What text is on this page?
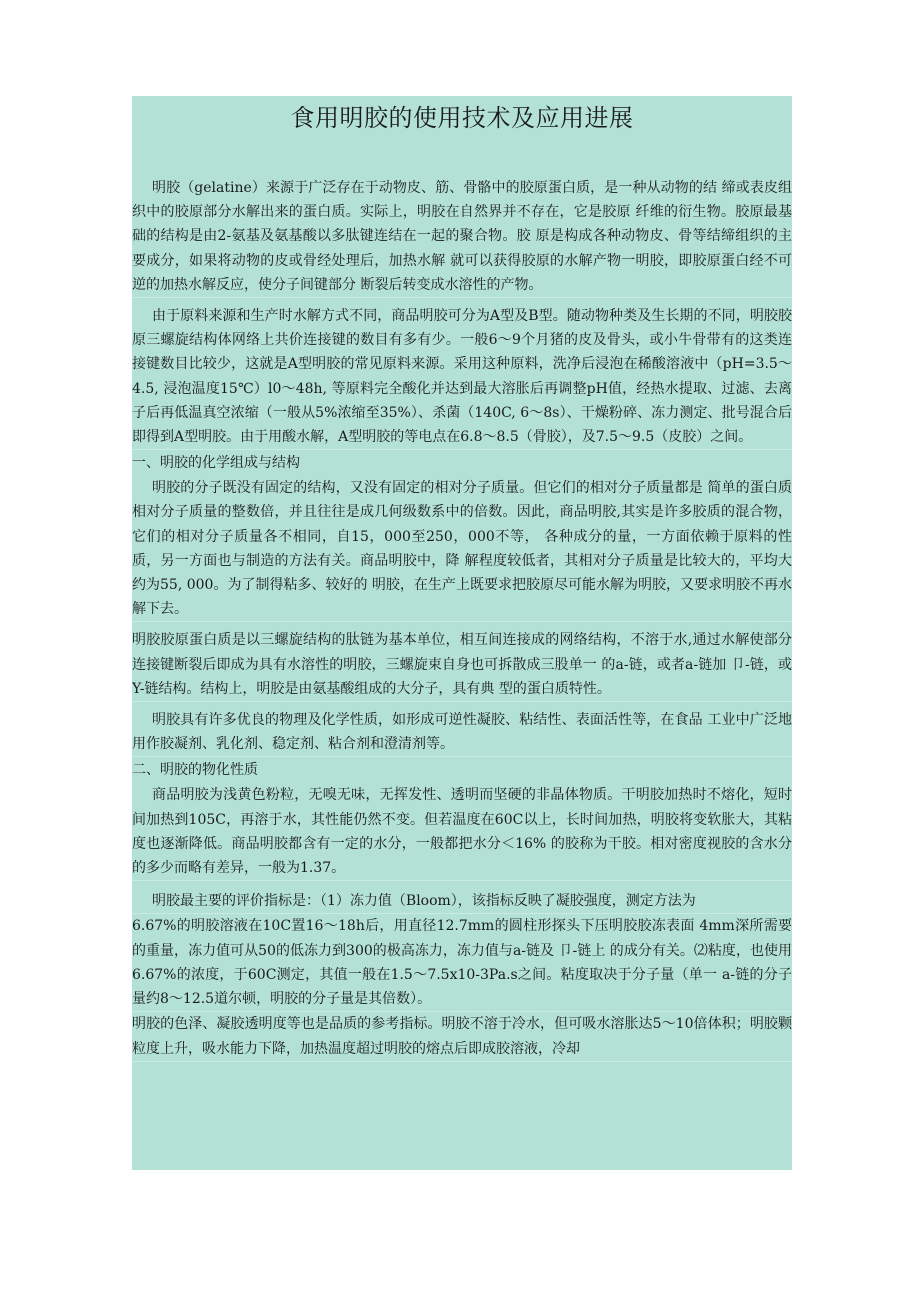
食用明胶的使用技术及应用进展

明胶（gelatine）来源于广泛存在于动物皮、筋、骨骼中的胶原蛋白质，是一种从动物的结 缔或表皮组织中的胶原部分水解出来的蛋白质。实际上，明胶在自然界并不存在，它是胶原 纤维的衍生物。胶原最基础的结构是由2-氨基及氨基酸以多肽键连结在一起的聚合物。胶 原是构成各种动物皮、骨等结缔组织的主要成分，如果将动物的皮或骨经处理后，加热水解 就可以获得胶原的水解产物一明胶，即胶原蛋白经不可逆的加热水解反应，使分子间键部分 断裂后转变成水溶性的产物。

由于原料来源和生产时水解方式不同，商品明胶可分为A型及B型。随动物种类及生长期的不同，明胶胶原三螺旋结构体网络上共价连接键的数目有多有少。一般6～9个月猪的皮及骨头，或小牛骨带有的这类连接键数目比较少，这就是A型明胶的常见原料来源。采用这种原料，洗净后浸泡在稀酸溶液中（pH=3.5～4.5, 浸泡温度15℃）l0～48h, 等原料完全酸化并达到最大溶胀后再调整pH值，经热水提取、过滤、去离子后再低温真空浓缩（一般从5%浓缩至35%）、杀菌（140C, 6～8s）、干燥粉碎、冻力测定、批号混合后即得到A型明胶。由于用酸水解，A型明胶的等电点在6.8～8.5（骨胶），及7.5～9.5（皮胶）之间。

一、明胶的化学组成与结构

明胶的分子既没有固定的结构，又没有固定的相对分子质量。但它们的相对分子质量都是 简单的蛋白质相对分子质量的整数倍，并且往往是成几何级数系中的倍数。因此，商品明胶,其实是许多胶质的混合物，它们的相对分子质量各不相同，自15，000至250，000不等， 各种成分的量，一方面依赖于原料的性质，另一方面也与制造的方法有关。商品明胶中，降 解程度较低者，其相对分子质量是比较大的，平均大约为55, 000。为了制得粘多、较好的 明胶，在生产上既要求把胶原尽可能水解为明胶，又要求明胶不再水解下去。

明胶胶原蛋白质是以三螺旋结构的肽链为基本单位，相互间连接成的网络结构，不溶于水,通过水解使部分连接键断裂后即成为具有水溶性的明胶，三螺旋束自身也可拆散成三股单一 的a-链，或者a-链加 卩-链，或Y-链结构。结构上，明胶是由氨基酸组成的大分子，具有典 型的蛋白质特性。

明胶具有许多优良的物理及化学性质，如形成可逆性凝胶、粘结性、表面活性等，在食品 工业中广泛地用作胶凝剂、乳化剂、稳定剂、粘合剂和澄清剂等。

二、明胶的物化性质

商品明胶为浅黄色粉粒，无嗅无味，无挥发性、透明而坚硬的非晶体物质。干明胶加热时不熔化，短时间加热到105C，再溶于水，其性能仍然不变。但若温度在60C以上，长时间加热，明胶将变软胀大，其粘度也逐渐降低。商品明胶都含有一定的水分，一般都把水分＜16% 的胶称为干胶。相对密度视胶的含水分的多少而略有差异，一般为1.37。

明胶最主要的评价指标是：（1）冻力值（Bloom），该指标反映了凝胶强度，测定方法为

6.67%的明胶溶液在10C置16～18h后，用直径12.7mm的圆柱形探头下压明胶胶冻表面 4mm深所需要的重量，冻力值可从50的低冻力到300的极高冻力，冻力值与a-链及 卩-链上 的成分有关。⑵粘度，也使用6.67%的浓度，于60C测定，其值一般在1.5～7.5x10-3Pa.s之间。粘度取决于分子量（单一 a-链的分子量约8～12.5道尔顿，明胶的分子量是其倍数）。

明胶的色泽、凝胶透明度等也是品质的参考指标。明胶不溶于冷水，但可吸水溶胀达5～10倍体积；明胶颗粒度上升，吸水能力下降，加热温度超过明胶的熔点后即成胶溶液，冷却
